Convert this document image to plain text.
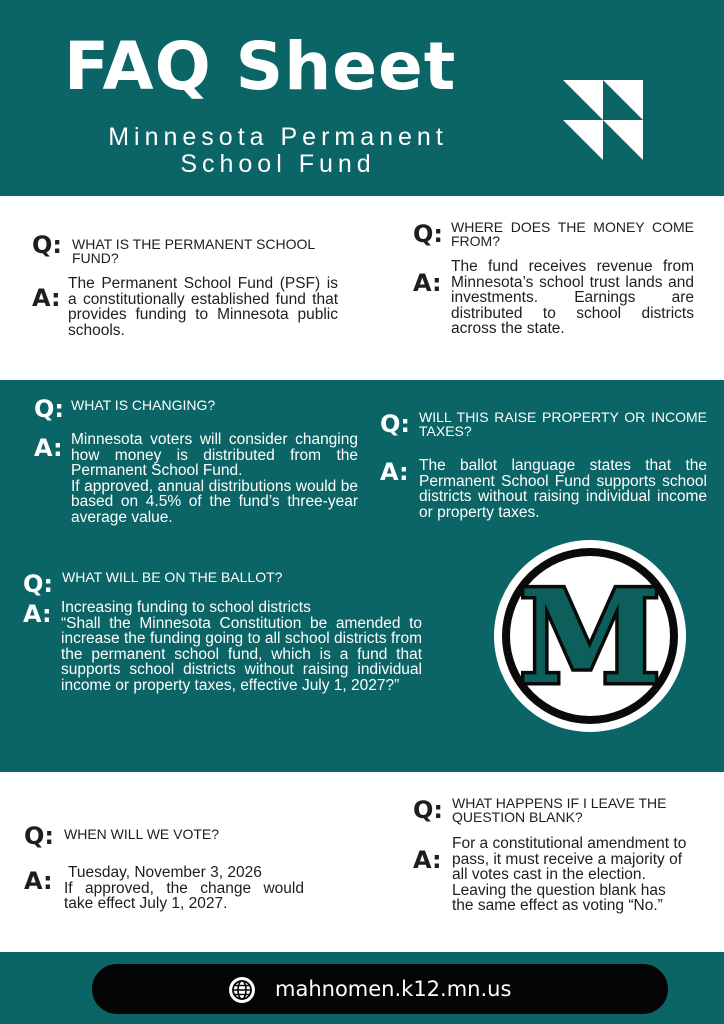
FAQ Sheet
Minnesota Permanent
School Fund
Q: WHAT IS THE PERMANENT SCHOOL FUND?
A:
The Permanent School Fund (PSF) is a constitutionally established fund that provides funding to Minnesota public schools.
Q: WHERE DOES THE MONEY COME FROM?
A:
The fund receives revenue from Minnesota’s school trust lands and investments. Earnings are distributed to school districts across the state.
Q: WHAT IS CHANGING?
A: Minnesota voters will consider changing how money is distributed from the Permanent School Fund.
If approved, annual distributions would be based on 4.5% of the fund’s three-year average value.
Q: WILL THIS RAISE PROPERTY OR INCOME TAXES?
A: The ballot language states that the Permanent School Fund supports school districts without raising individual income or property taxes.
Q: WHAT WILL BE ON THE BALLOT?
A: Increasing funding to school districts
“Shall the Minnesota Constitution be amended to increase the funding going to all school districts from the permanent school fund, which is a fund that supports school districts without raising individual income or property taxes, effective July 1, 2027?” M
Q: WHEN WILL WE VOTE?
A: Tuesday, November 3, 2026
If approved, the change would take effect July 1, 2027.
Q: WHAT HAPPENS IF I LEAVE THE QUESTION BLANK?
A:
For a constitutional amendment to pass, it must receive a majority of all votes cast in the election.
Leaving the question blank has the same effect as voting “No.”
mahnomen.k12.mn.us
